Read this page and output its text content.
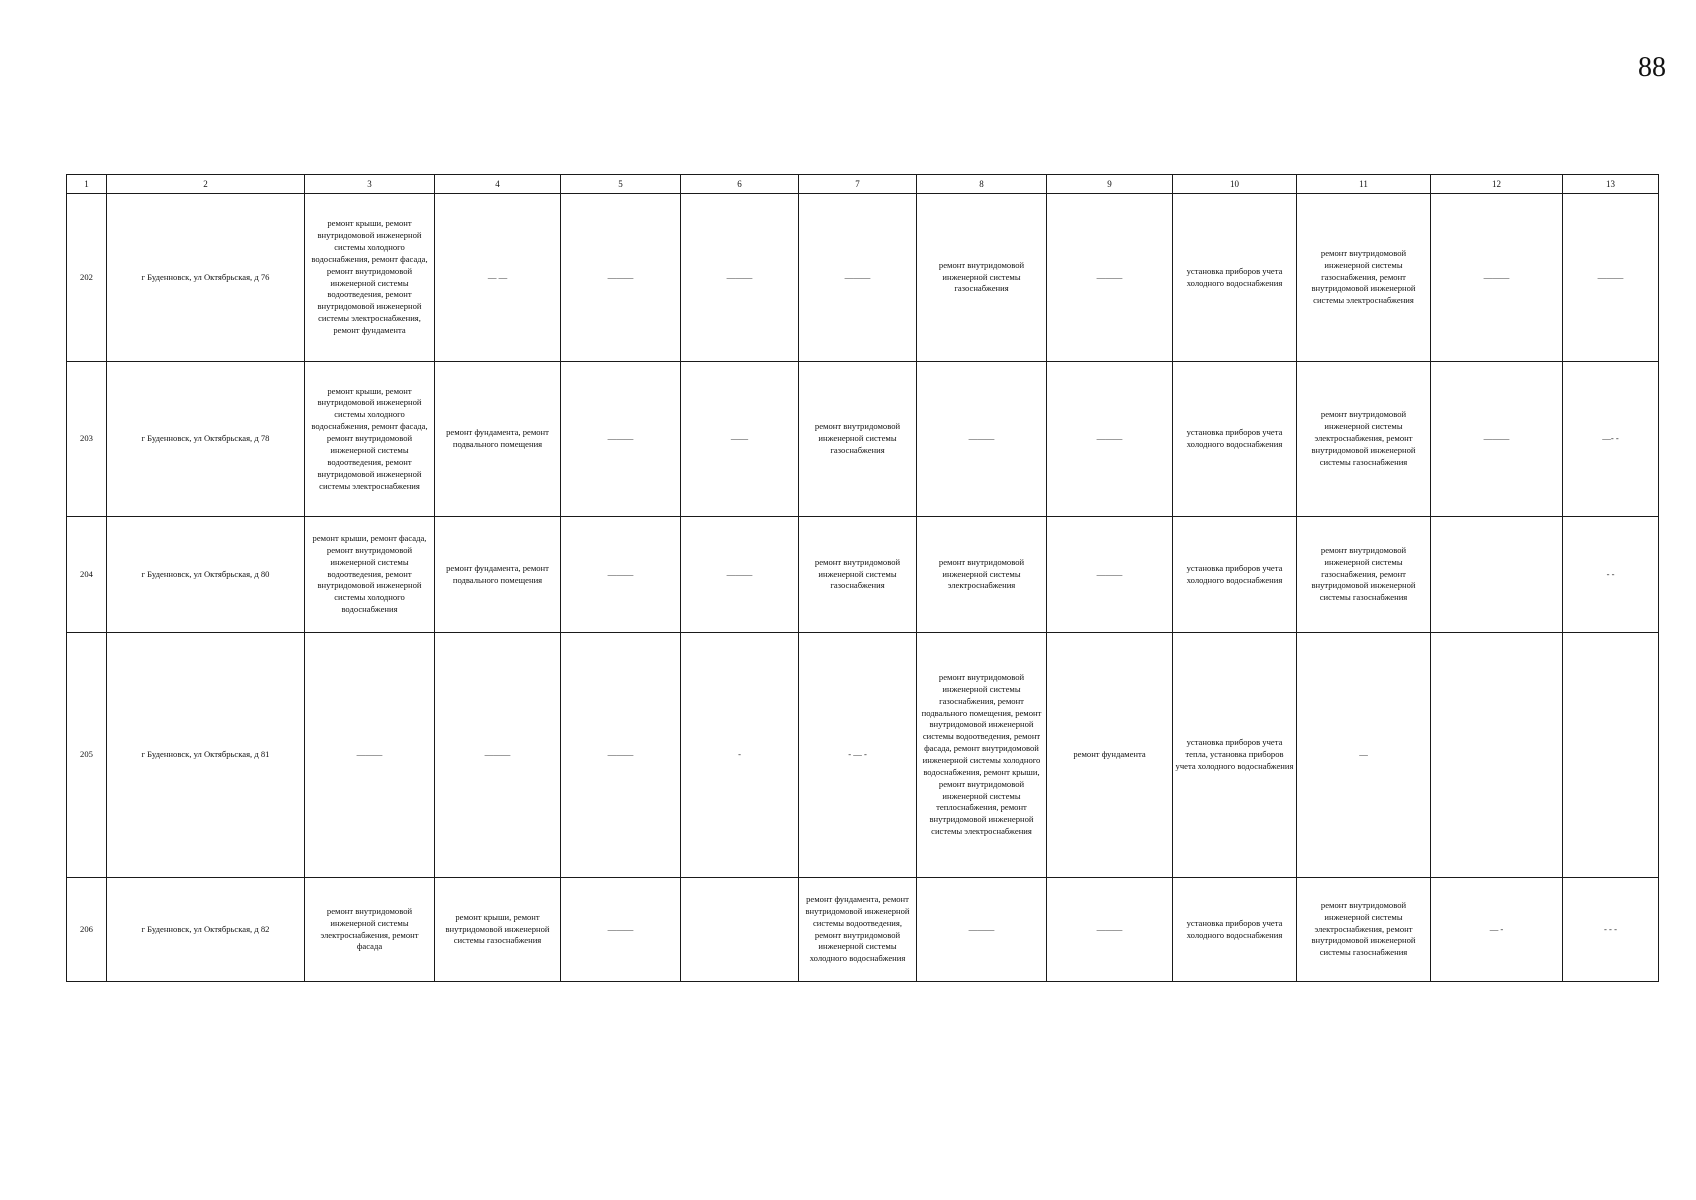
88
1	2	3	4	5	6	7	8	9	10	11	12	13
202	г Буденновск, ул Октябрьская, д 76	ремонт крыши, ремонт внутридомовой инженерной системы холодного водоснабжения, ремонт фасада, ремонт внутридомовой инженерной системы водоотведения, ремонт внутридомовой инженерной системы электроснабжения, ремонт фундамента	— —	———	———	———	ремонт внутридомовой инженерной системы газоснабжения	———	установка приборов учета холодного водоснабжения	ремонт внутридомовой инженерной системы газоснабжения, ремонт внутридомовой инженерной системы электроснабжения	———	———
203	г Буденновск, ул Октябрьская, д 78	ремонт крыши, ремонт внутридомовой инженерной системы холодного водоснабжения, ремонт фасада, ремонт внутридомовой инженерной системы водоотведения, ремонт внутридомовой инженерной системы электроснабжения	ремонт фундамента, ремонт подвального помещения	———	——	ремонт внутридомовой инженерной системы газоснабжения	———	———	установка приборов учета холодного водоснабжения	ремонт внутридомовой инженерной системы электроснабжения, ремонт внутридомовой инженерной системы газоснабжения	———	—- -
204	г Буденновск, ул Октябрьская, д 80	ремонт крыши, ремонт фасада, ремонт внутридомовой инженерной системы водоотведения, ремонт внутридомовой инженерной системы холодного водоснабжения	ремонт фундамента, ремонт подвального помещения	———	———	ремонт внутридомовой инженерной системы газоснабжения	ремонт внутридомовой инженерной системы электроснабжения	———	установка приборов учета холодного водоснабжения	ремонт внутридомовой инженерной системы газоснабжения, ремонт внутридомовой инженерной системы газоснабжения		- -
205	г Буденновск, ул Октябрьская, д 81	———	———	———	-	- — -	ремонт внутридомовой инженерной системы газоснабжения, ремонт подвального помещения, ремонт внутридомовой инженерной системы водоотведения, ремонт фасада, ремонт внутридомовой инженерной системы холодного водоснабжения, ремонт крыши, ремонт внутридомовой инженерной системы теплоснабжения, ремонт внутридомовой инженерной системы электроснабжения	ремонт фундамента	установка приборов учета тепла, установка приборов учета холодного водоснабжения	—		
206	г Буденновск, ул Октябрьская, д 82	ремонт внутридомовой инженерной системы электроснабжения, ремонт фасада	ремонт крыши, ремонт внутридомовой инженерной системы газоснабжения	———		ремонт фундамента, ремонт внутридомовой инженерной системы водоотведения, ремонт внутридомовой инженерной системы холодного водоснабжения	———	———	установка приборов учета холодного водоснабжения	ремонт внутридомовой инженерной системы электроснабжения, ремонт внутридомовой инженерной системы газоснабжения	— -	- - -
